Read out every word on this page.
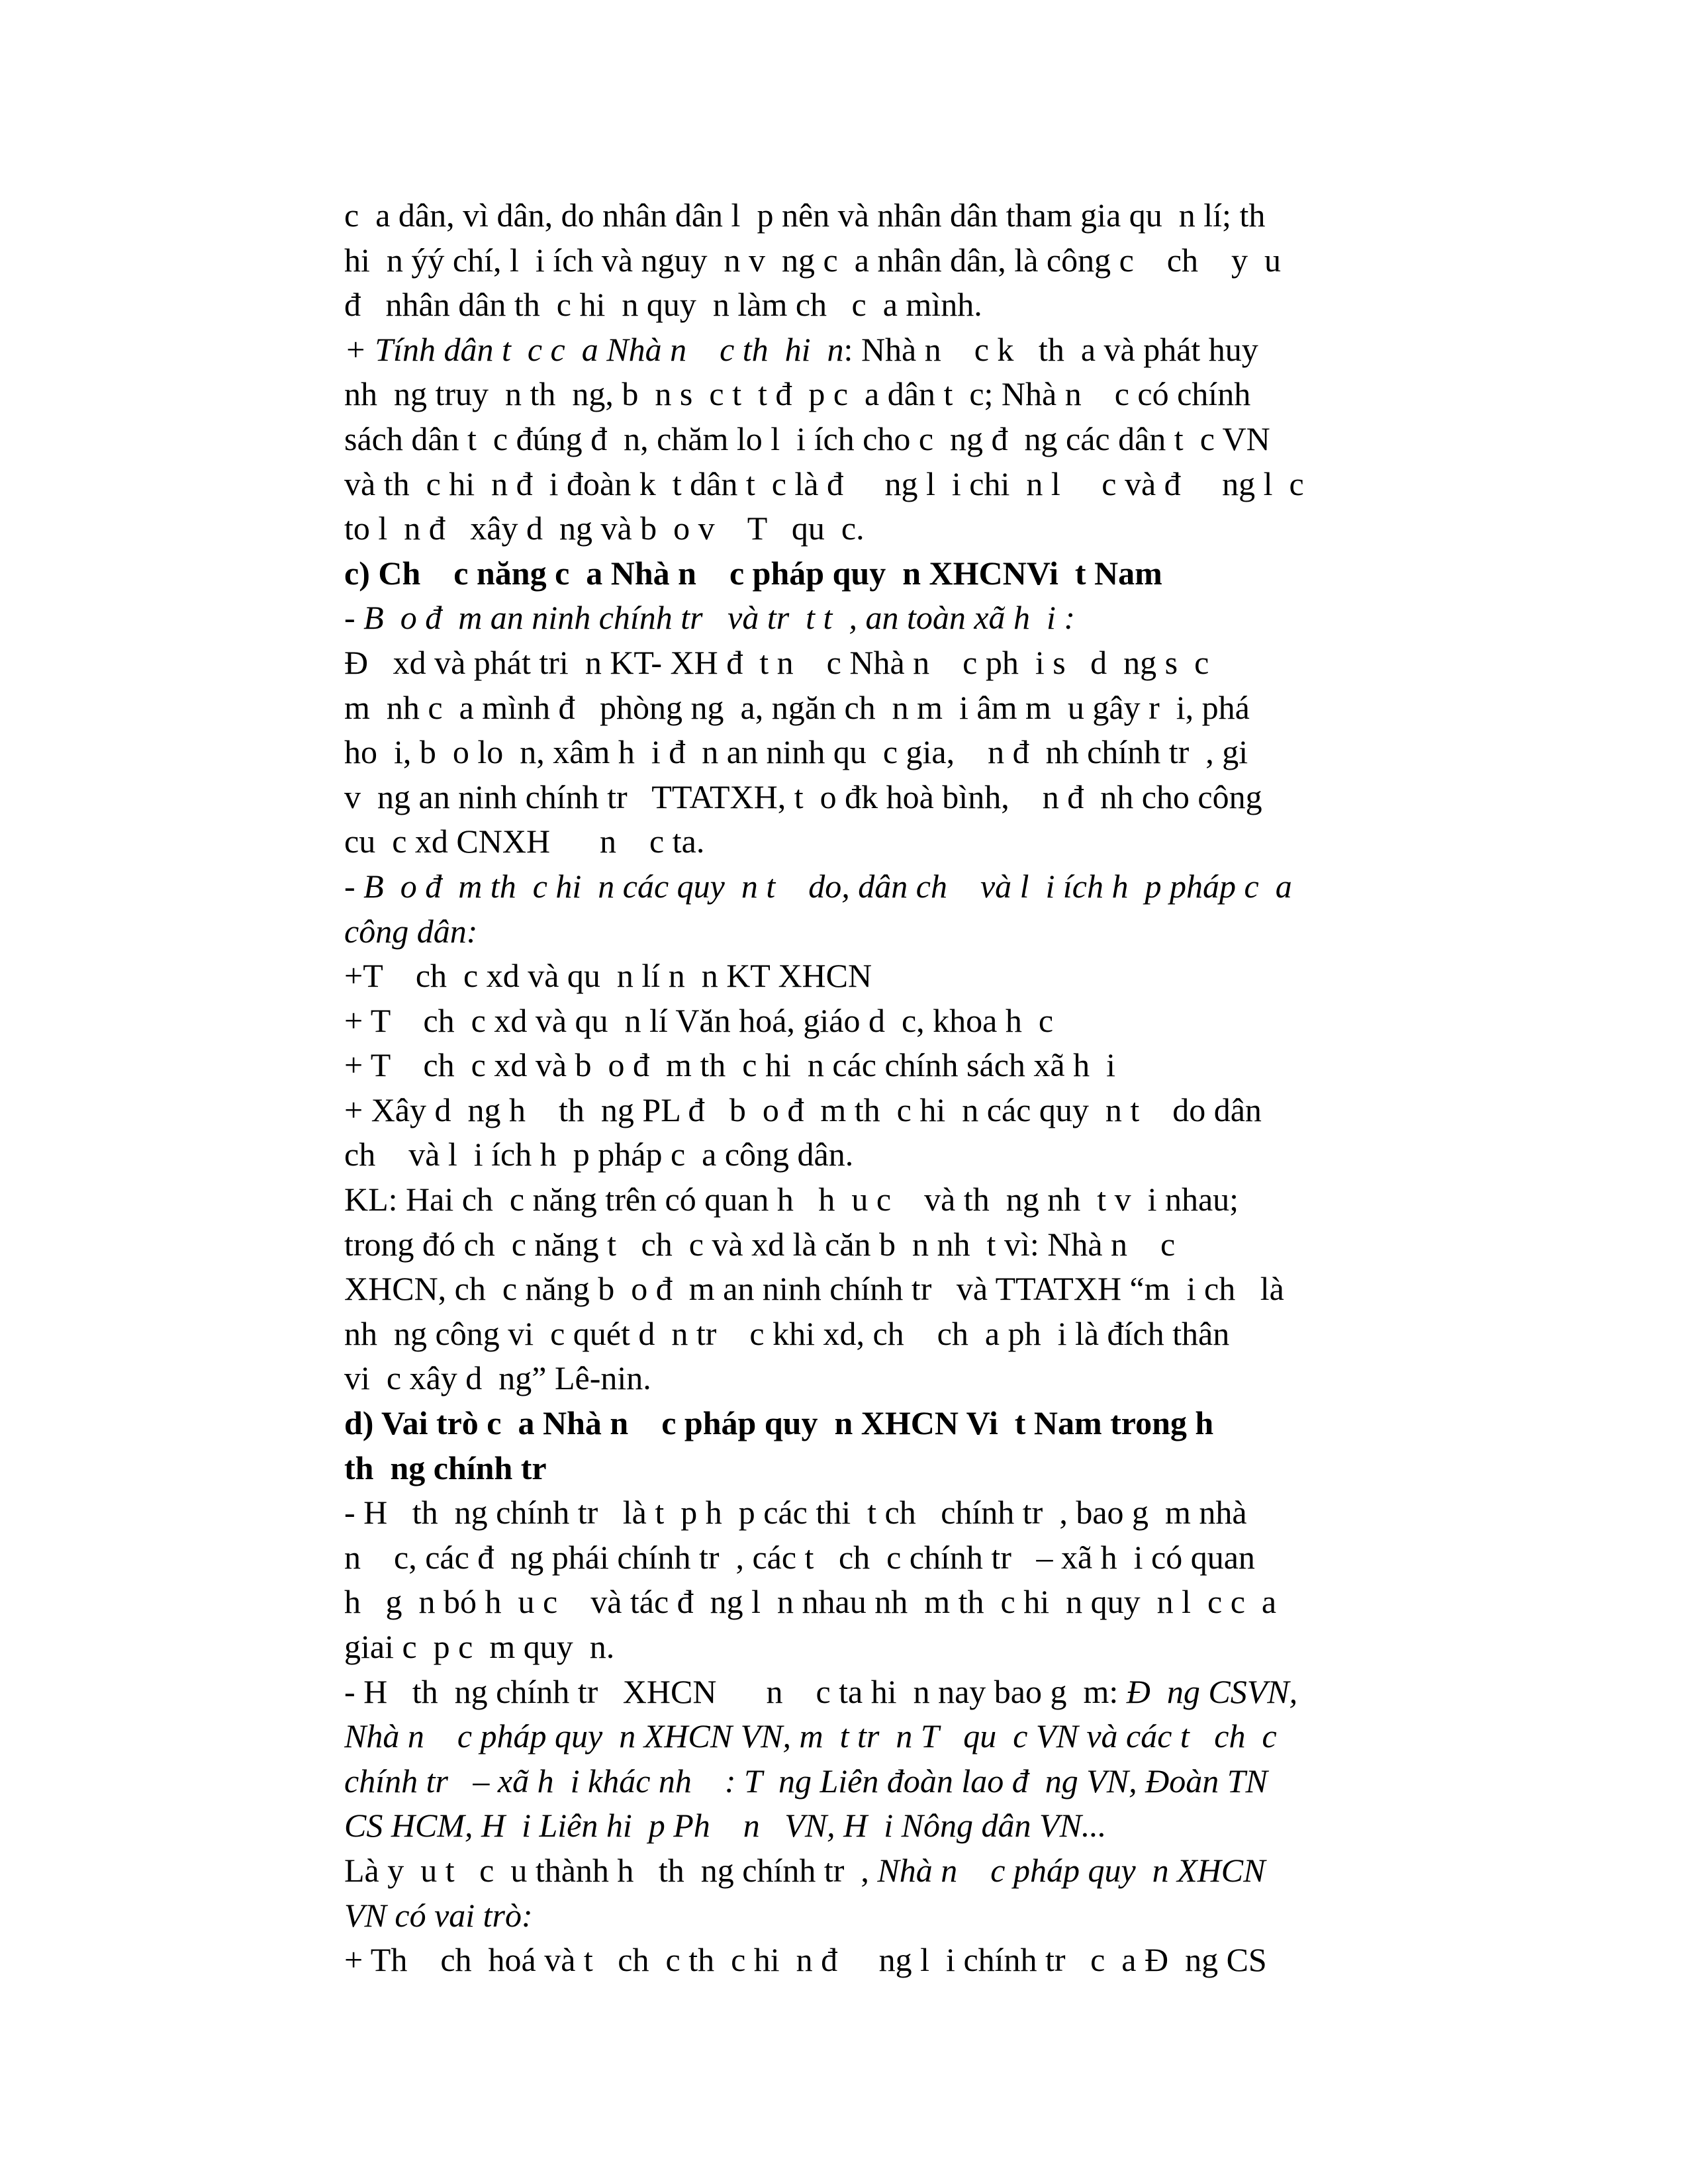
c  a dân, vì dân, do nhân dân l  p nên và nhân dân tham gia qu  n lí; th
hi  n ýý chí, l  i ích và nguy  n v  ng c  a nhân dân, là công c    ch    y  u
đ   nhân dân th  c hi  n quy  n làm ch   c  a mình.
+ Tính dân t  c c  a Nhà n    c th  hi  n: Nhà n    c k   th  a và phát huy
nh  ng truy  n th  ng, b  n s  c t  t đ  p c  a dân t  c; Nhà n    c có chính
sách dân t  c đúng đ  n, chăm lo l  i ích cho c  ng đ  ng các dân t  c VN
và th  c hi  n đ  i đoàn k  t dân t  c là đ     ng l  i chi  n l     c và đ     ng l  c
to l  n đ   xây d  ng và b  o v    T   qu  c.
c) Ch    c năng c  a Nhà n    c pháp quy  n XHCNVi  t Nam
- B  o đ  m an ninh chính tr   và tr  t t  , an toàn xã h  i :
Đ   xd và phát tri  n KT- XH đ  t n    c Nhà n    c ph  i s   d  ng s  c
m  nh c  a mình đ   phòng ng  a, ngăn ch  n m  i âm m  u gây r  i, phá
ho  i, b  o lo  n, xâm h  i đ  n an ninh qu  c gia,    n đ  nh chính tr  , gi
v  ng an ninh chính tr   TTATXH, t  o đk hoà bình,    n đ  nh cho công
cu  c xd CNXH      n    c ta.
- B  o đ  m th  c hi  n các quy  n t    do, dân ch    và l  i ích h  p pháp c  a
công dân:
+T    ch  c xd và qu  n lí n  n KT XHCN
+ T    ch  c xd và qu  n lí Văn hoá, giáo d  c, khoa h  c
+ T    ch  c xd và b  o đ  m th  c hi  n các chính sách xã h  i
+ Xây d  ng h    th  ng PL đ   b  o đ  m th  c hi  n các quy  n t    do dân
ch    và l  i ích h  p pháp c  a công dân.
KL: Hai ch  c năng trên có quan h   h  u c    và th  ng nh  t v  i nhau;
trong đó ch  c năng t   ch  c và xd là căn b  n nh  t vì: Nhà n    c
XHCN, ch  c năng b  o đ  m an ninh chính tr   và TTATXH “m  i ch   là
nh  ng công vi  c quét d  n tr    c khi xd, ch    ch  a ph  i là đích thân
vi  c xây d  ng” Lê-nin.
d) Vai trò c  a Nhà n    c pháp quy  n XHCN Vi  t Nam trong h
th  ng chính tr
- H   th  ng chính tr   là t  p h  p các thi  t ch   chính tr  , bao g  m nhà
n    c, các đ  ng phái chính tr  , các t   ch  c chính tr   – xã h  i có quan
h   g  n bó h  u c    và tác đ  ng l  n nhau nh  m th  c hi  n quy  n l  c c  a
giai c  p c  m quy  n.
- H   th  ng chính tr   XHCN      n    c ta hi  n nay bao g  m: Đ  ng CSVN,
Nhà n    c pháp quy  n XHCN VN, m  t tr  n T   qu  c VN và các t   ch  c
chính tr   – xã h  i khác nh    : T  ng Liên đoàn lao đ  ng VN, Đoàn TN
CS HCM, H  i Liên hi  p Ph    n   VN, H  i Nông dân VN...
Là y  u t   c  u thành h   th  ng chính tr  , Nhà n    c pháp quy  n XHCN
VN có vai trò:
+ Th    ch  hoá và t   ch  c th  c hi  n đ     ng l  i chính tr   c  a Đ  ng CS
